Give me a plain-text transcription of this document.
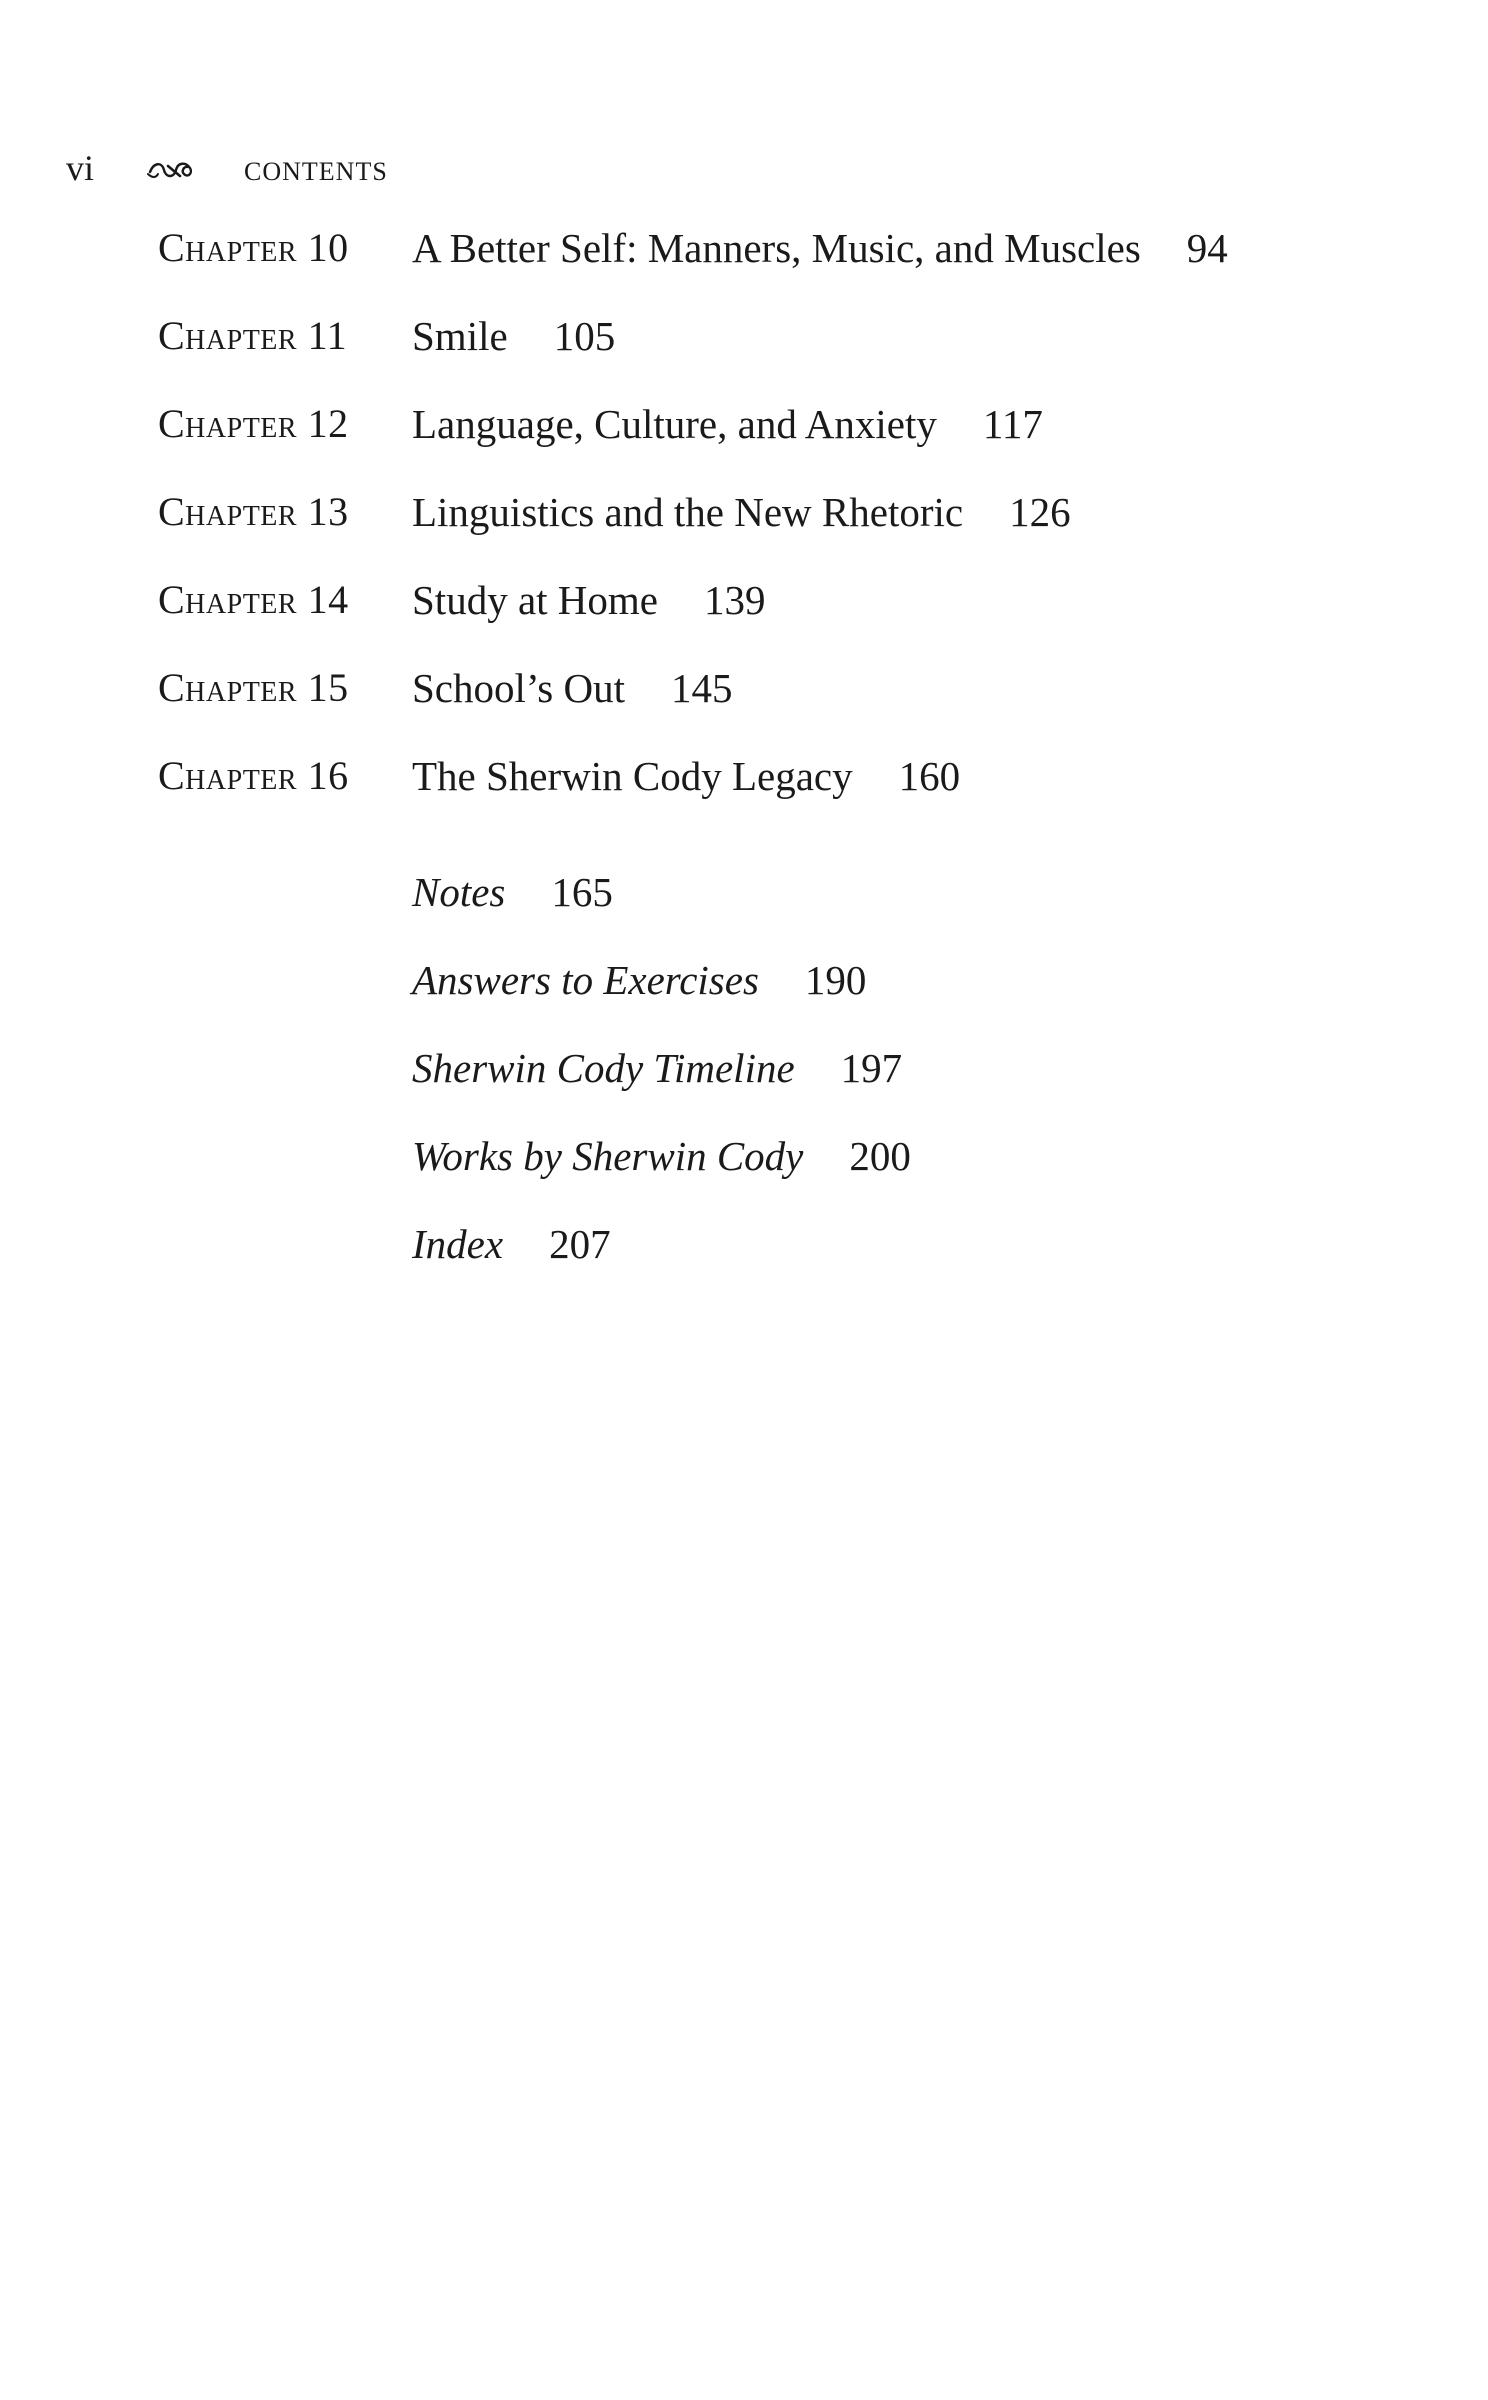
vi	CONTENTS
Chapter 10 A Better Self: Manners, Music, and Muscles 94
Chapter 11 Smile 105
Chapter 12 Language, Culture, and Anxiety 117
Chapter 13 Linguistics and the New Rhetoric 126
Chapter 14 Study at Home 139
Chapter 15 School’s Out 145
Chapter 16 The Sherwin Cody Legacy 160
Notes 165
Answers to Exercises 190
Sherwin Cody Timeline 197
Works by Sherwin Cody 200
Index 207
